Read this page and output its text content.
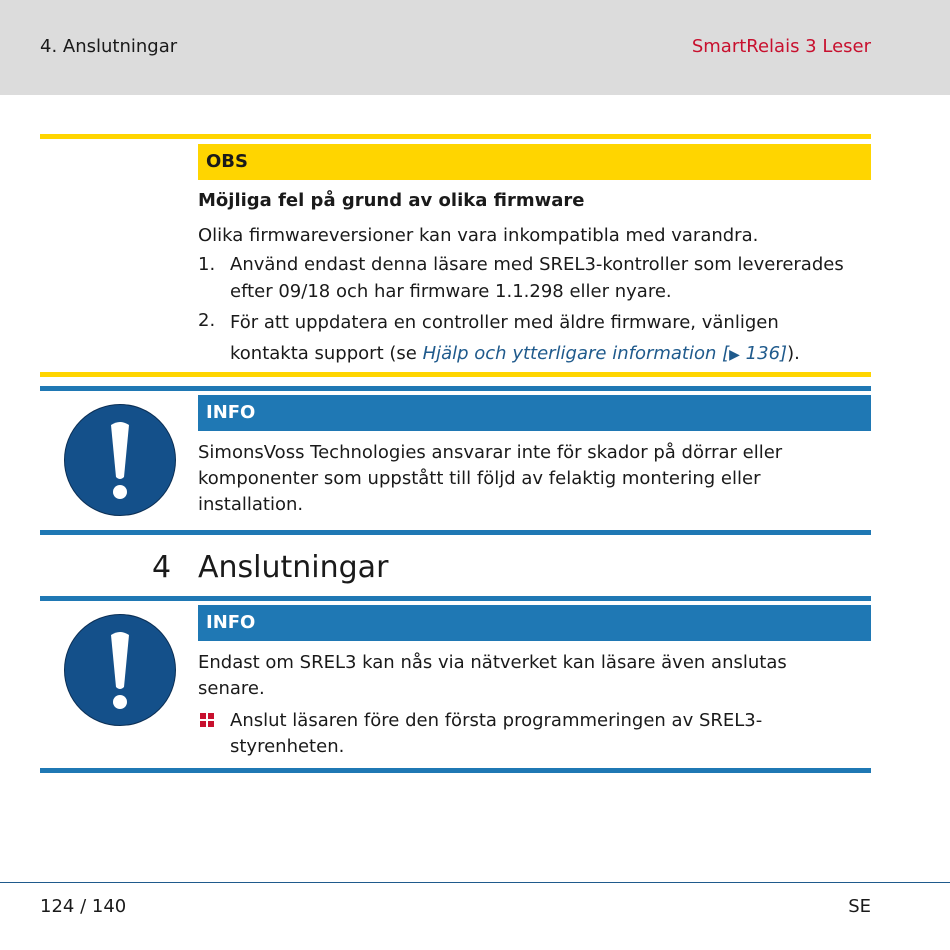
4. Anslutningar	SmartRelais 3 Leser
OBS
Möjliga fel på grund av olika firmware
Olika firmwareversioner kan vara inkompatibla med varandra.
1. Använd endast denna läsare med SREL3-kontroller som levererades efter 09/18 och har firmware 1.1.298 eller nyare.
2. För att uppdatera en controller med äldre firmware, vänligen kontakta support (se Hjälp och ytterligare information [▶ 136]).
INFO
SimonsVoss Technologies ansvarar inte för skador på dörrar eller komponenter som uppstått till följd av felaktig montering eller installation.
4 Anslutningar
INFO
Endast om SREL3 kan nås via nätverket kan läsare även anslutas senare.
Anslut läsaren före den första programmeringen av SREL3-styrenheten.
124 / 140	SE
